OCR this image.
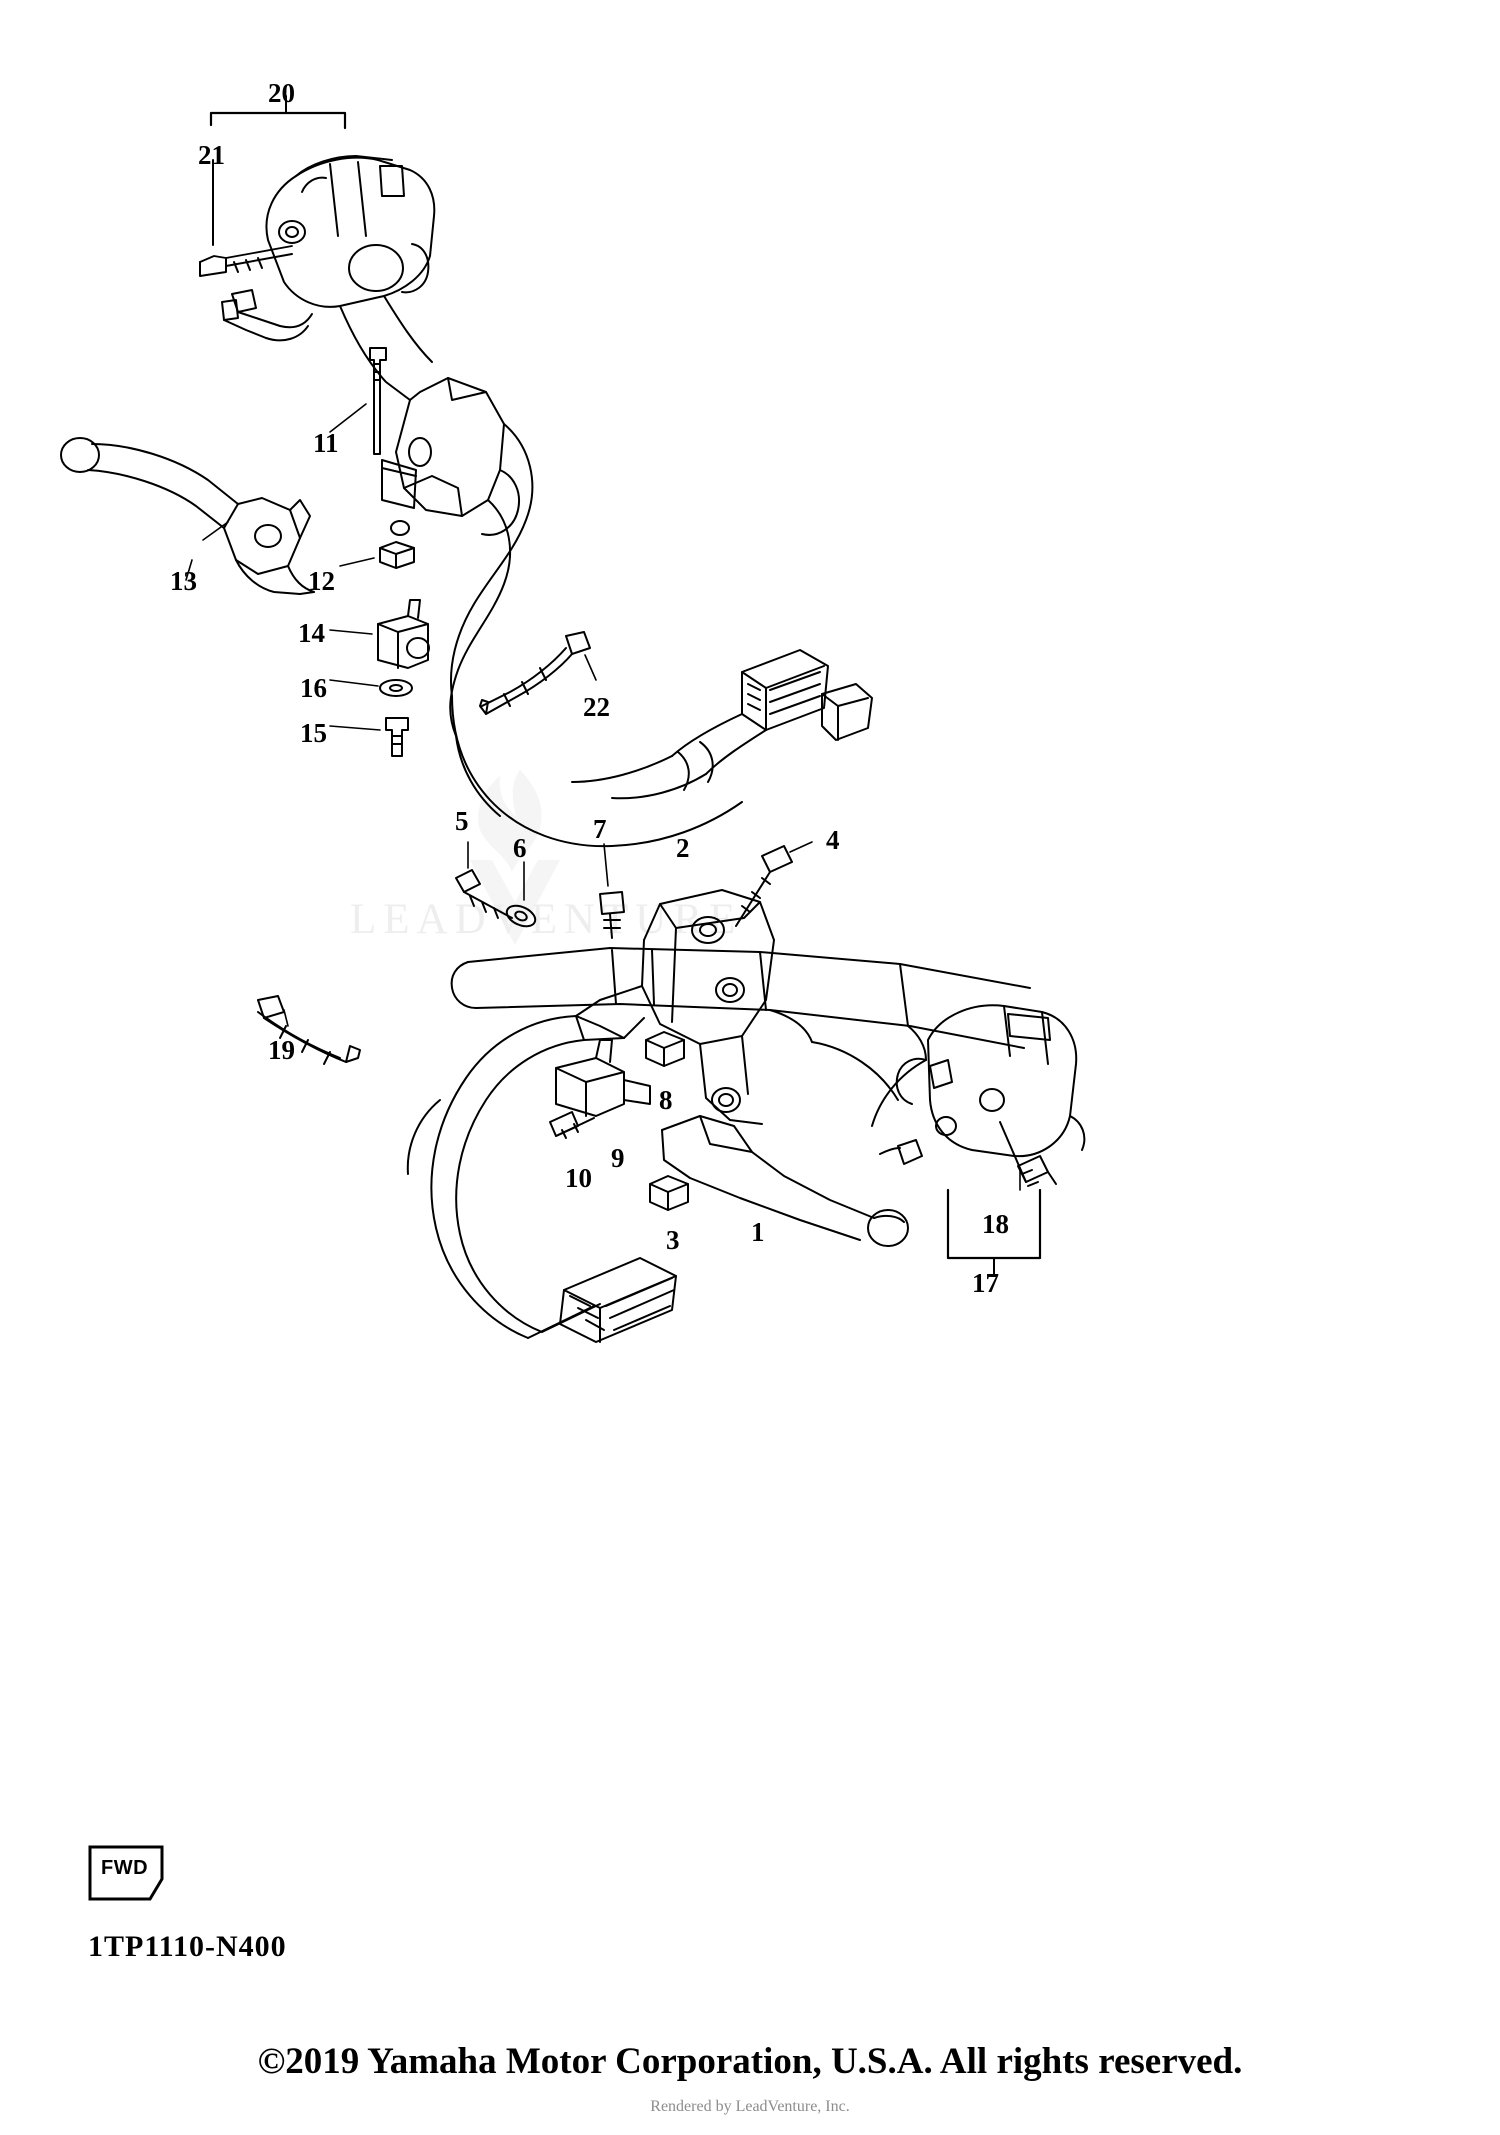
LEADVENTURE
20
21
11
13	12
14
16
15
22
5
6
7
2	4
19
8
10
9
3	1	18
17
FWD
1TP1110-N400
©2019 Yamaha Motor Corporation, U.S.A. All rights reserved.
Rendered by LeadVenture, Inc.
